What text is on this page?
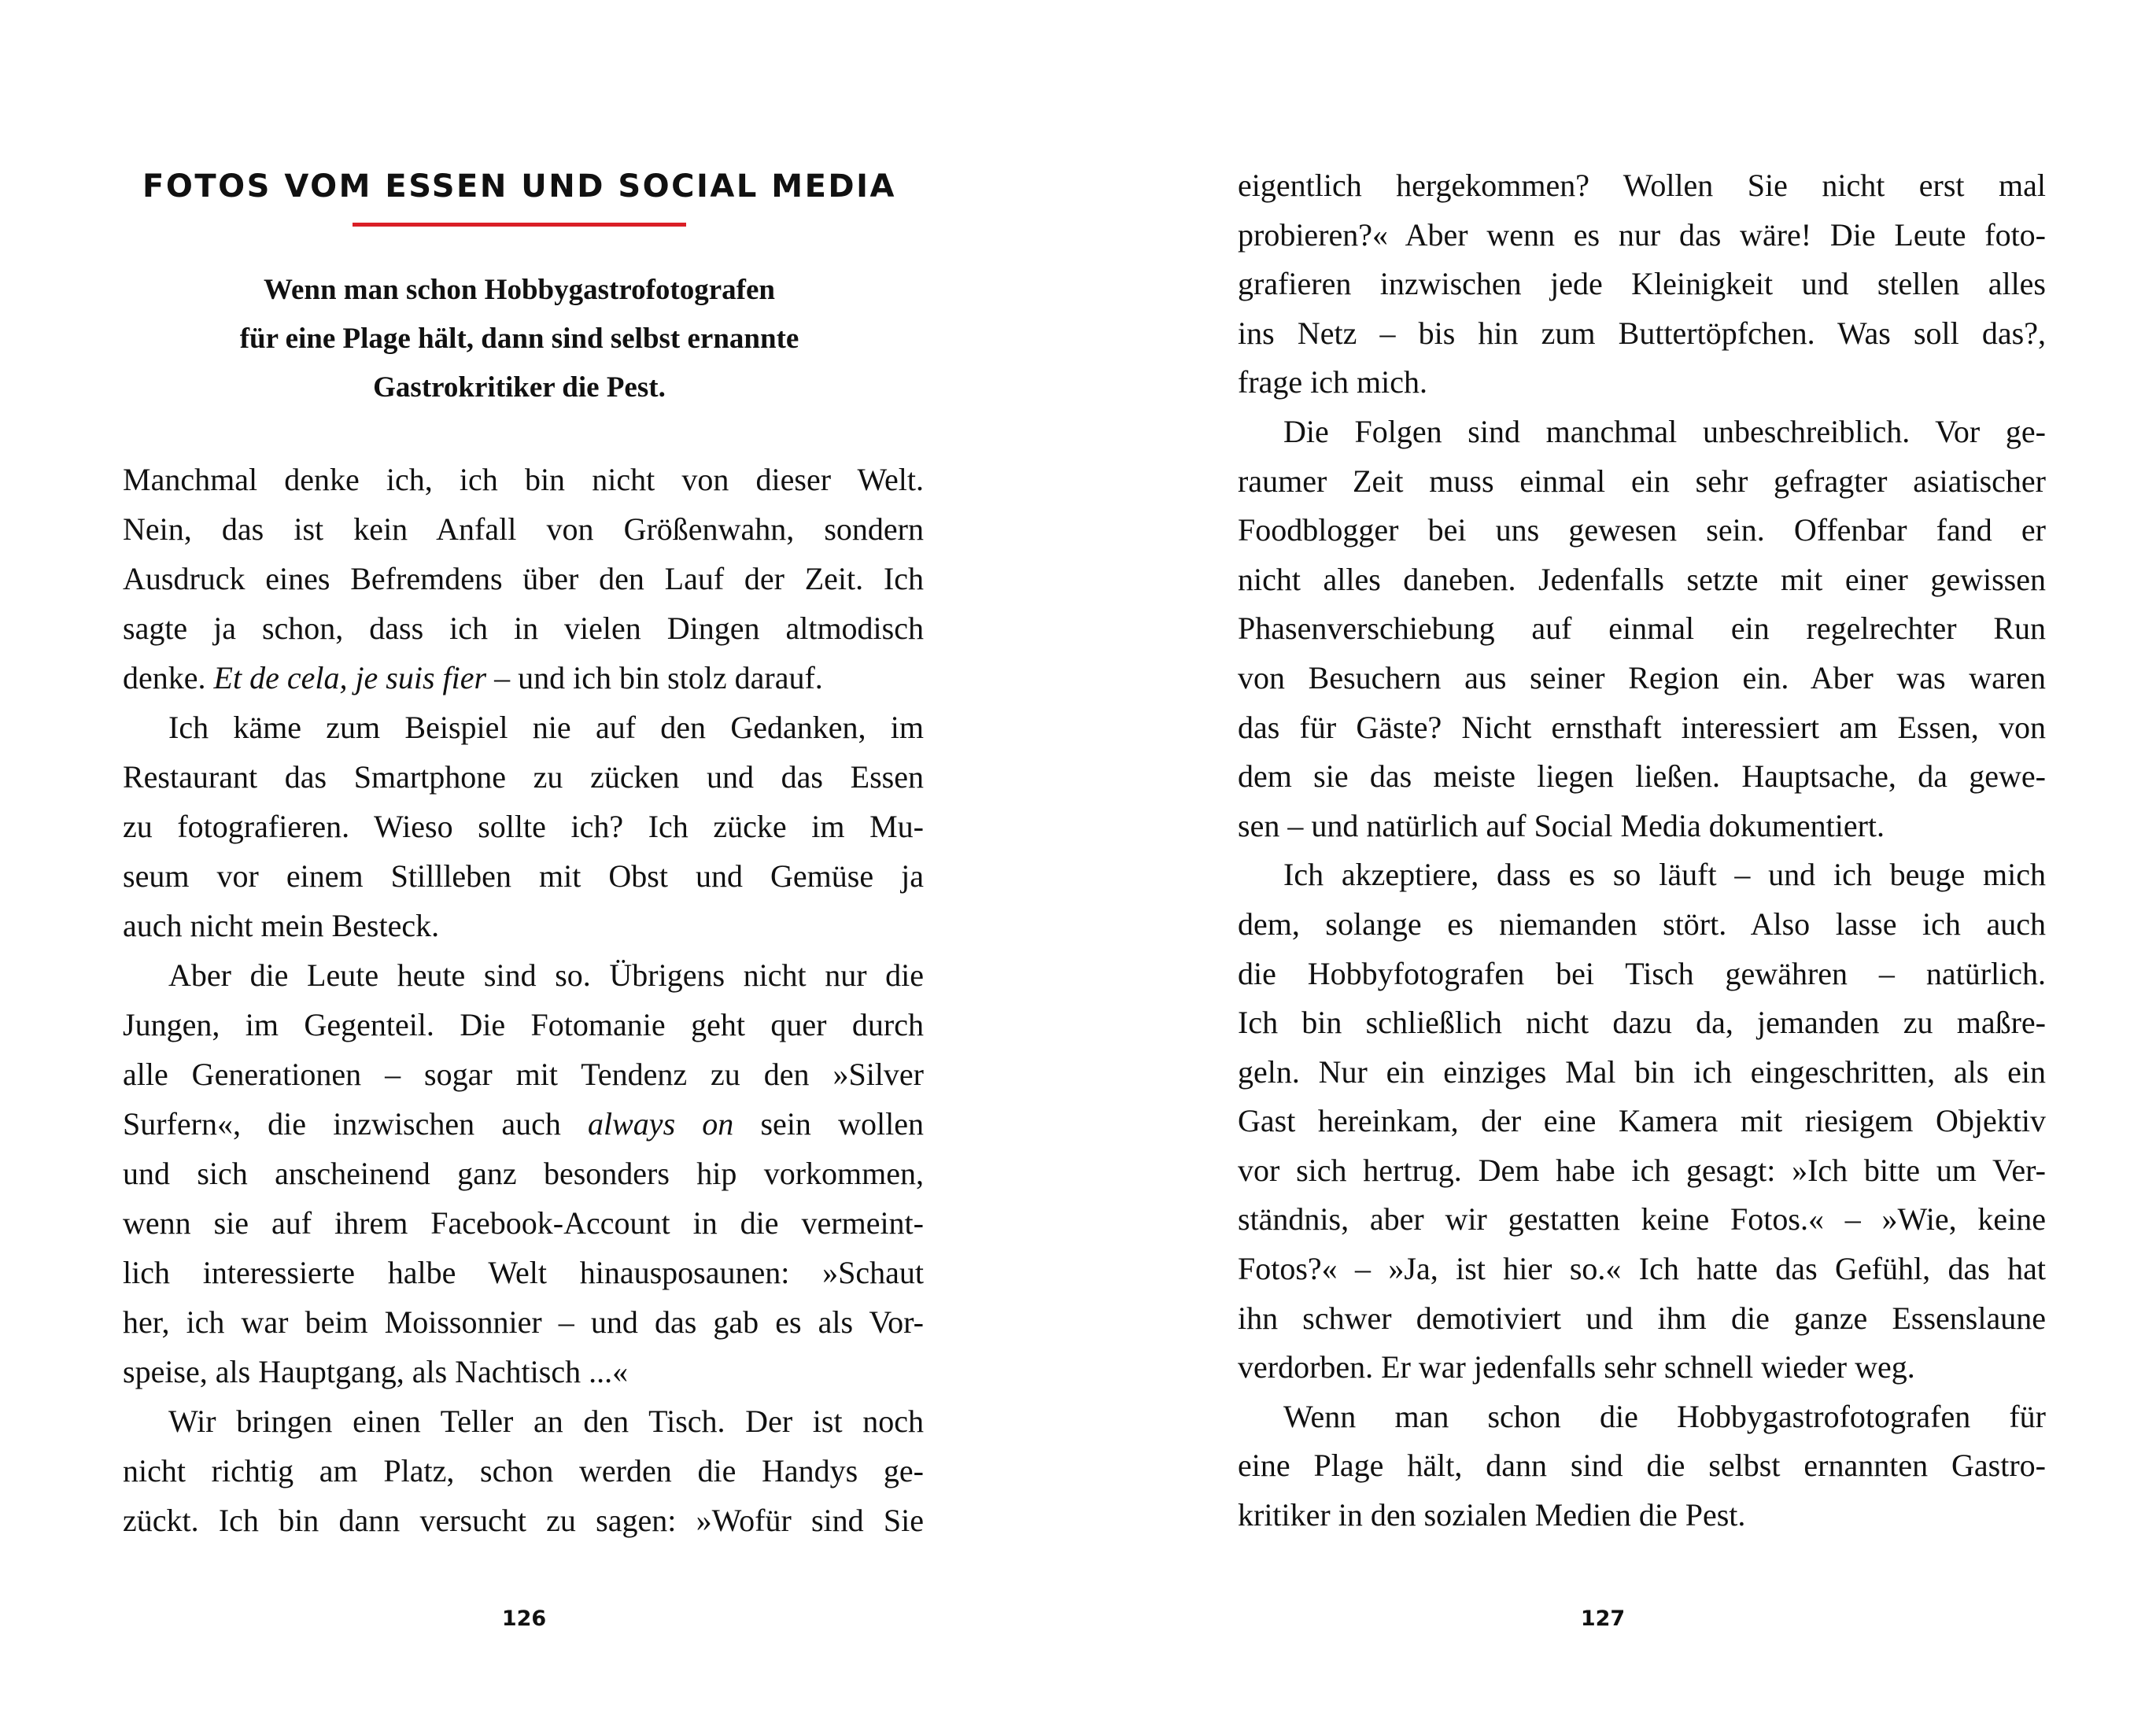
FOTOS VOM ESSEN UND SOCIAL MEDIA
Wenn man schon Hobbygastrofotografen
für eine Plage hält, dann sind selbst ernannte
Gastrokritiker die Pest.
Manchmal denke ich, ich bin nicht von dieser Welt.
Nein, das ist kein Anfall von Größenwahn, sondern
Ausdruck eines Befremdens über den Lauf der Zeit. Ich
sagte ja schon, dass ich in vielen Dingen altmodisch
denke. Et de cela, je suis fier – und ich bin stolz darauf.
Ich käme zum Beispiel nie auf den Gedanken, im
Restaurant das Smartphone zu zücken und das Essen
zu fotografieren. Wieso sollte ich? Ich zücke im Mu-
seum vor einem Stillleben mit Obst und Gemüse ja
auch nicht mein Besteck.
Aber die Leute heute sind so. Übrigens nicht nur die
Jungen, im Gegenteil. Die Fotomanie geht quer durch
alle Generationen – sogar mit Tendenz zu den »Silver
Surfern«, die inzwischen auch always on sein wollen
und sich anscheinend ganz besonders hip vorkommen,
wenn sie auf ihrem Facebook-Account in die vermeint-
lich interessierte halbe Welt hinausposaunen: »Schaut
her, ich war beim Moissonnier – und das gab es als Vor-
speise, als Hauptgang, als Nachtisch ...«
Wir bringen einen Teller an den Tisch. Der ist noch
nicht richtig am Platz, schon werden die Handys ge-
zückt. Ich bin dann versucht zu sagen: »Wofür sind Sie
126
eigentlich hergekommen? Wollen Sie nicht erst mal
probieren?« Aber wenn es nur das wäre! Die Leute foto-
grafieren inzwischen jede Kleinigkeit und stellen alles
ins Netz – bis hin zum Buttertöpfchen. Was soll das?,
frage ich mich.
Die Folgen sind manchmal unbeschreiblich. Vor ge-
raumer Zeit muss einmal ein sehr gefragter asiatischer
Foodblogger bei uns gewesen sein. Offenbar fand er
nicht alles daneben. Jedenfalls setzte mit einer gewissen
Phasenverschiebung auf einmal ein regelrechter Run
von Besuchern aus seiner Region ein. Aber was waren
das für Gäste? Nicht ernsthaft interessiert am Essen, von
dem sie das meiste liegen ließen. Hauptsache, da gewe-
sen – und natürlich auf Social Media dokumentiert.
Ich akzeptiere, dass es so läuft – und ich beuge mich
dem, solange es niemanden stört. Also lasse ich auch
die Hobbyfotografen bei Tisch gewähren – natürlich.
Ich bin schließlich nicht dazu da, jemanden zu maßre-
geln. Nur ein einziges Mal bin ich eingeschritten, als ein
Gast hereinkam, der eine Kamera mit riesigem Objektiv
vor sich hertrug. Dem habe ich gesagt: »Ich bitte um Ver-
ständnis, aber wir gestatten keine Fotos.« – »Wie, keine
Fotos?« – »Ja, ist hier so.« Ich hatte das Gefühl, das hat
ihn schwer demotiviert und ihm die ganze Essenslaune
verdorben. Er war jedenfalls sehr schnell wieder weg.
Wenn man schon die Hobbygastrofotografen für
eine Plage hält, dann sind die selbst ernannten Gastro-
kritiker in den sozialen Medien die Pest.
127
